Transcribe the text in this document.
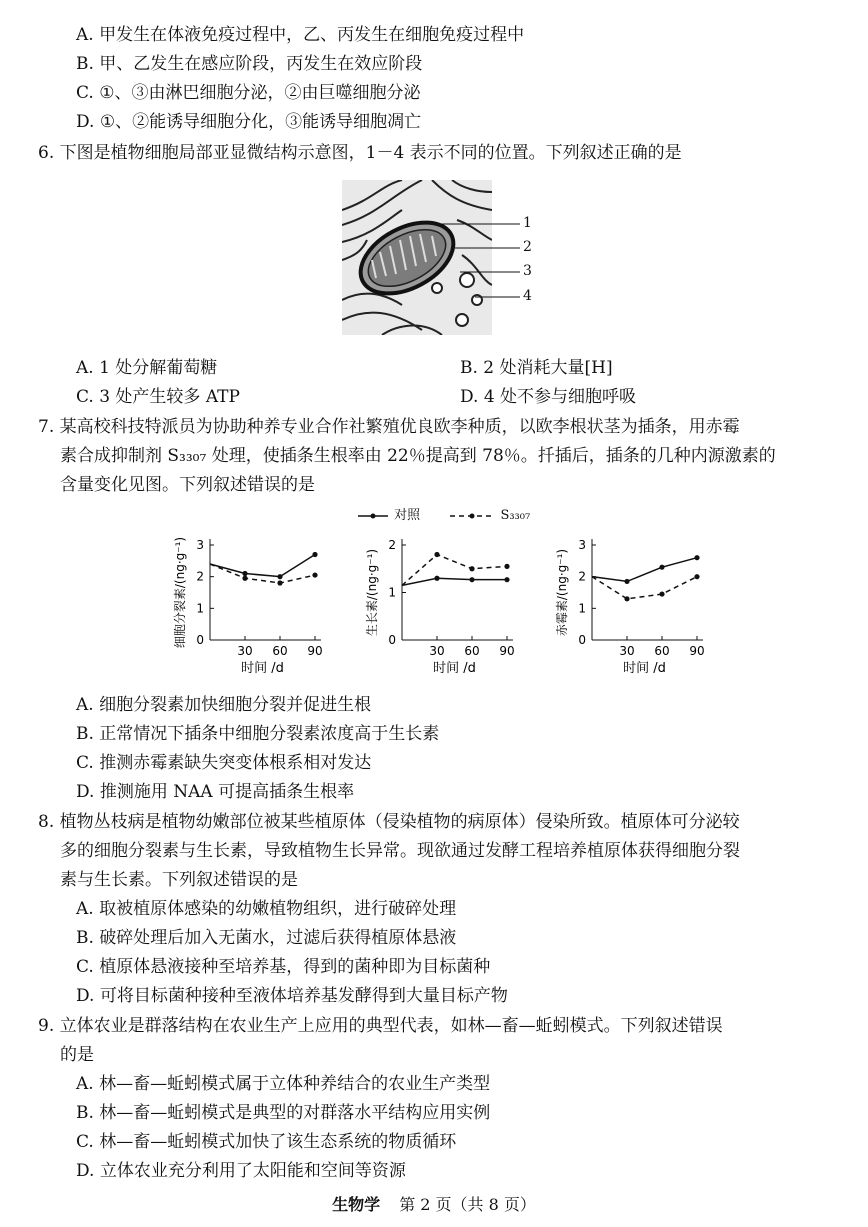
A. 甲发生在体液免疫过程中，乙、丙发生在细胞免疫过程中
B. 甲、乙发生在感应阶段，丙发生在效应阶段
C. ①、③由淋巴细胞分泌，②由巨噬细胞分泌
D. ①、②能诱导细胞分化，③能诱导细胞凋亡
6. 下图是植物细胞局部亚显微结构示意图，1－4 表示不同的位置。下列叙述正确的是
1
2
3
4
A. 1 处分解葡萄糖	B. 2 处消耗大量[H]
C. 3 处产生较多 ATP	D. 4 处不参与细胞呼吸
7. 某高校科技特派员为协助种养专业合作社繁殖优良欧李种质，以欧李根状茎为插条，用赤霉
素合成抑制剂 S₃₃₀₇ 处理，使插条生根率由 22％提高到 78％。扦插后，插条的几种内源激素的
含量变化见图。下列叙述错误的是
对照	S₃₃₀₇
0
1
2
3
30 60 90
时间 /d
细胞分裂素/(ng·g⁻¹)	0
1
2
30 60 90
时间 /d
生长素/(ng·g⁻¹)
0
1
2
3
30 60 90
时间 /d
赤霉素/(ng·g⁻¹)
A. 细胞分裂素加快细胞分裂并促进生根
B. 正常情况下插条中细胞分裂素浓度高于生长素
C. 推测赤霉素缺失突变体根系相对发达
D. 推测施用 NAA 可提高插条生根率
8. 植物丛枝病是植物幼嫩部位被某些植原体（侵染植物的病原体）侵染所致。植原体可分泌较
多的细胞分裂素与生长素，导致植物生长异常。现欲通过发酵工程培养植原体获得细胞分裂
素与生长素。下列叙述错误的是
A. 取被植原体感染的幼嫩植物组织，进行破碎处理
B. 破碎处理后加入无菌水，过滤后获得植原体悬液
C. 植原体悬液接种至培养基，得到的菌种即为目标菌种
D. 可将目标菌种接种至液体培养基发酵得到大量目标产物
9. 立体农业是群落结构在农业生产上应用的典型代表，如林—畜—蚯蚓模式。下列叙述错误
的是
A. 林—畜—蚯蚓模式属于立体种养结合的农业生产类型
B. 林—畜—蚯蚓模式是典型的对群落水平结构应用实例
C. 林—畜—蚯蚓模式加快了该生态系统的物质循环
D. 立体农业充分利用了太阳能和空间等资源
生物学 第 2 页（共 8 页）
